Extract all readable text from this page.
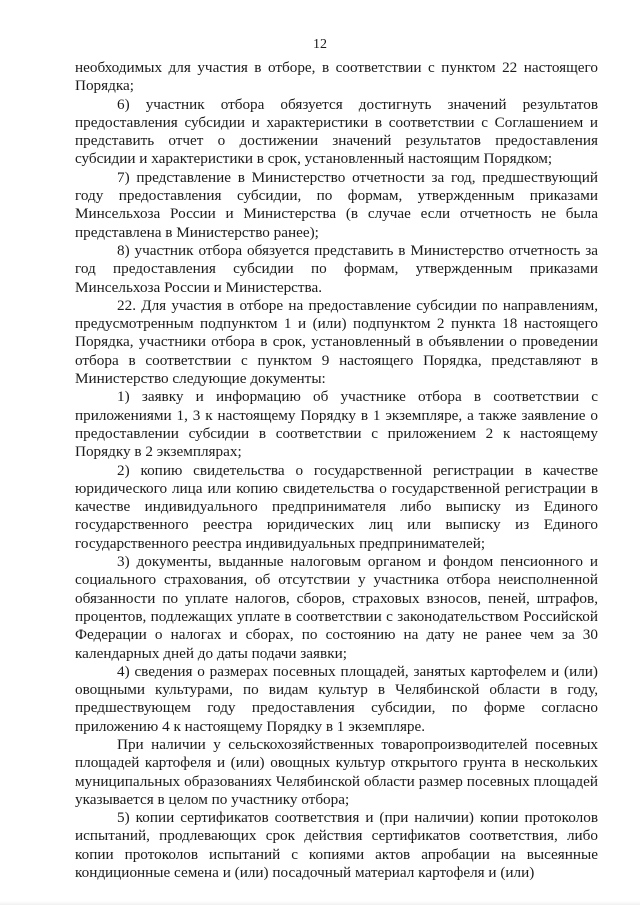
12

необходимых для участия в отборе, в соответствии с пунктом 22 настоящего Порядка;

6) участник отбора обязуется достигнуть значений результатов предоставления субсидии и характеристики в соответствии с Соглашением и представить отчет о достижении значений результатов предоставления субсидии и характеристики в срок, установленный настоящим Порядком;

7) представление в Министерство отчетности за год, предшествующий году предоставления субсидии, по формам, утвержденным приказами Минсельхоза России и Министерства (в случае если отчетность не была представлена в Министерство ранее);

8) участник отбора обязуется представить в Министерство отчетность за год предоставления субсидии по формам, утвержденным приказами Минсельхоза России и Министерства.

22. Для участия в отборе на предоставление субсидии по направлениям, предусмотренным подпунктом 1 и (или) подпунктом 2 пункта 18 настоящего Порядка, участники отбора в срок, установленный в объявлении о проведении отбора в соответствии с пунктом 9 настоящего Порядка, представляют в Министерство следующие документы:

1) заявку и информацию об участнике отбора в соответствии с приложениями 1, 3 к настоящему Порядку в 1 экземпляре, а также заявление о предоставлении субсидии в соответствии с приложением 2 к настоящему Порядку в 2 экземплярах;

2) копию свидетельства о государственной регистрации в качестве юридического лица или копию свидетельства о государственной регистрации в качестве индивидуального предпринимателя либо выписку из Единого государственного реестра юридических лиц или выписку из Единого государственного реестра индивидуальных предпринимателей;

3) документы, выданные налоговым органом и фондом пенсионного и социального страхования, об отсутствии у участника отбора неисполненной обязанности по уплате налогов, сборов, страховых взносов, пеней, штрафов, процентов, подлежащих уплате в соответствии с законодательством Российской Федерации о налогах и сборах, по состоянию на дату не ранее чем за 30 календарных дней до даты подачи заявки;

4) сведения о размерах посевных площадей, занятых картофелем и (или) овощными культурами, по видам культур в Челябинской области в году, предшествующем году предоставления субсидии, по форме согласно приложению 4 к настоящему Порядку в 1 экземпляре.

При наличии у сельскохозяйственных товаропроизводителей посевных площадей картофеля и (или) овощных культур открытого грунта в нескольких муниципальных образованиях Челябинской области размер посевных площадей указывается в целом по участнику отбора;

5) копии сертификатов соответствия и (при наличии) копии протоколов испытаний, продлевающих срок действия сертификатов соответствия, либо копии протоколов испытаний с копиями актов апробации на высеянные кондиционные семена и (или) посадочный материал картофеля и (или)
